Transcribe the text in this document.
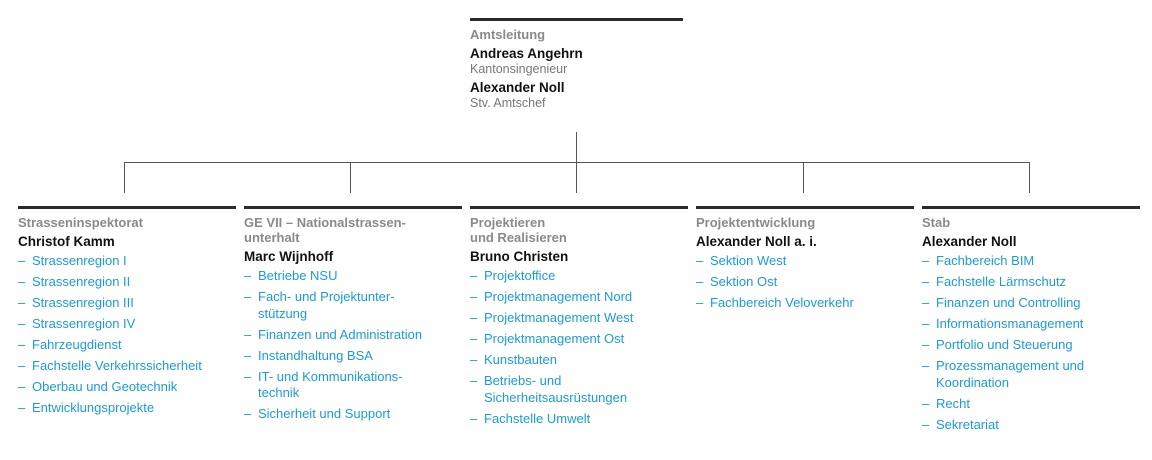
Amtsleitung
Andreas Angehrn
Kantonsingenieur
Alexander Noll
Stv. Amtschef
Strasseninspektorat
Christof Kamm
– Strassenregion I
– Strassenregion II
– Strassenregion III
– Strassenregion IV
– Fahrzeugdienst
– Fachstelle Verkehrssicherheit
– Oberbau und Geotechnik
– Entwicklungsprojekte
GE VII – Nationalstrassen-
unterhalt
Marc Wijnhoff
– Betriebe NSU
– Fach- und Projektunter-
stützung
– Finanzen und Administration
– Instandhaltung BSA
– IT- und Kommunikations-
technik
– Sicherheit und Support
Projektieren
und Realisieren
Bruno Christen
– Projektoffice
– Projektmanagement Nord
– Projektmanagement West
– Projektmanagement Ost
– Kunstbauten
– Betriebs- und
Sicherheitsausrüstungen
– Fachstelle Umwelt
Projektentwicklung
Alexander Noll a. i.
– Sektion West
– Sektion Ost
– Fachbereich Veloverkehr
Stab
Alexander Noll
– Fachbereich BIM
– Fachstelle Lärmschutz
– Finanzen und Controlling
– Informationsmanagement
– Portfolio und Steuerung
– Prozessmanagement und
Koordination
– Recht
– Sekretariat
